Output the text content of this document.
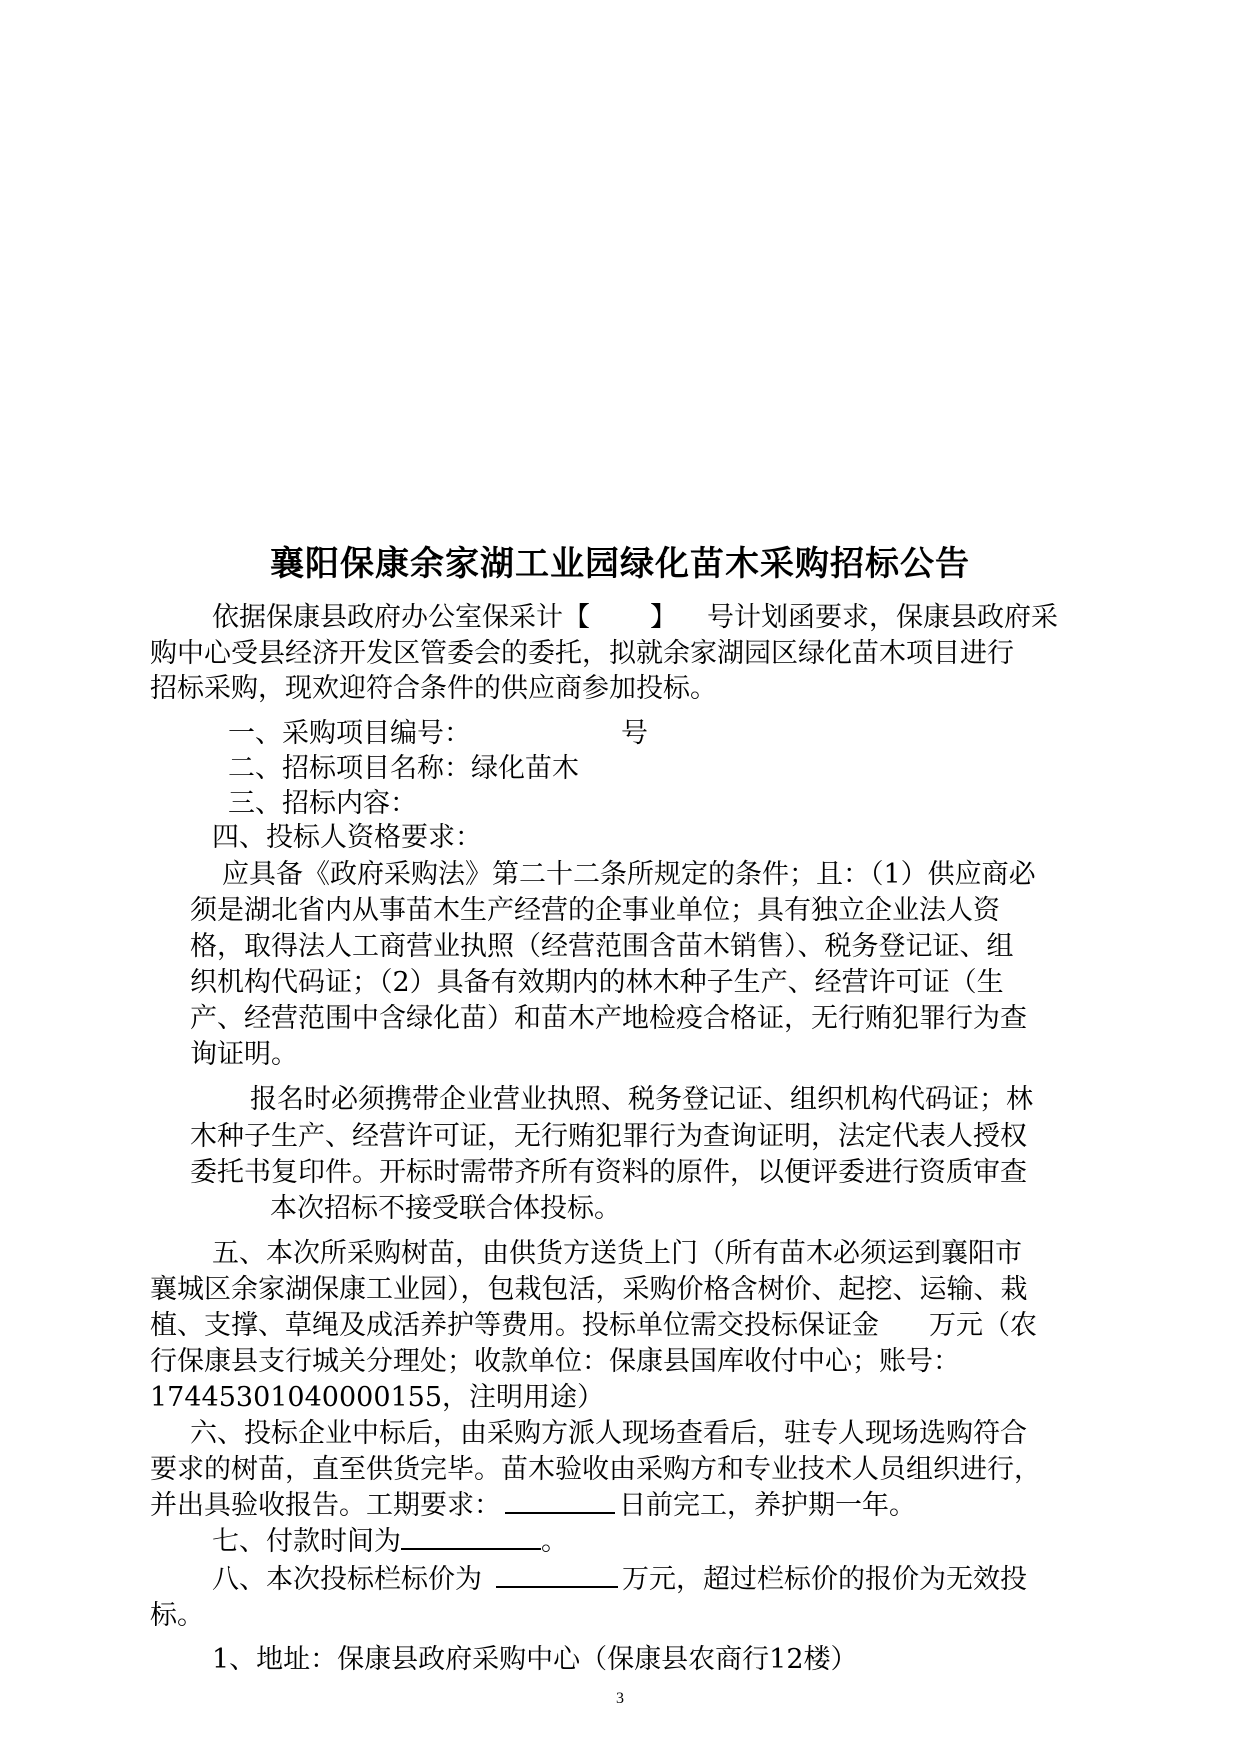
襄阳保康余家湖工业园绿化苗木采购招标公告
依据保康县政府办公室保采计【 】 号计划函要求，保康县政府采
购中心受县经济开发区管委会的委托，拟就余家湖园区绿化苗木项目进行
招标采购，现欢迎符合条件的供应商参加投标。
一、采购项目编号：	号
二、招标项目名称：绿化苗木
三、招标内容：
四、投标人资格要求：
应具备《政府采购法》第二十二条所规定的条件；且：（1）供应商必
须是湖北省内从事苗木生产经营的企事业单位；具有独立企业法人资
格，取得法人工商营业执照（经营范围含苗木销售）、税务登记证、组
织机构代码证；（2）具备有效期内的林木种子生产、经营许可证（生
产、经营范围中含绿化苗）和苗木产地检疫合格证，无行贿犯罪行为查
询证明。
报名时必须携带企业营业执照、税务登记证、组织机构代码证；林
木种子生产、经营许可证，无行贿犯罪行为查询证明，法定代表人授权
委托书复印件。开标时需带齐所有资料的原件，以便评委进行资质审查
本次招标不接受联合体投标。
五、本次所采购树苗，由供货方送货上门（所有苗木必须运到襄阳市
襄城区余家湖保康工业园），包栽包活，采购价格含树价、起挖、运输、栽
植、支撑、草绳及成活养护等费用。投标单位需交投标保证金 万元（农
行保康县支行城关分理处；收款单位：保康县国库收付中心；账号：
17445301040000155，注明用途）
六、投标企业中标后，由采购方派人现场查看后，驻专人现场选购符合
要求的树苗，直至供货完毕。苗木验收由采购方和专业技术人员组织进行，
并出具验收报告。工期要求：	日前完工，养护期一年。
七、付款时间为	。
八、本次投标栏标价为	万元，超过栏标价的报价为无效投
标。
1、地址：保康县政府采购中心（保康县农商行12楼）
3
